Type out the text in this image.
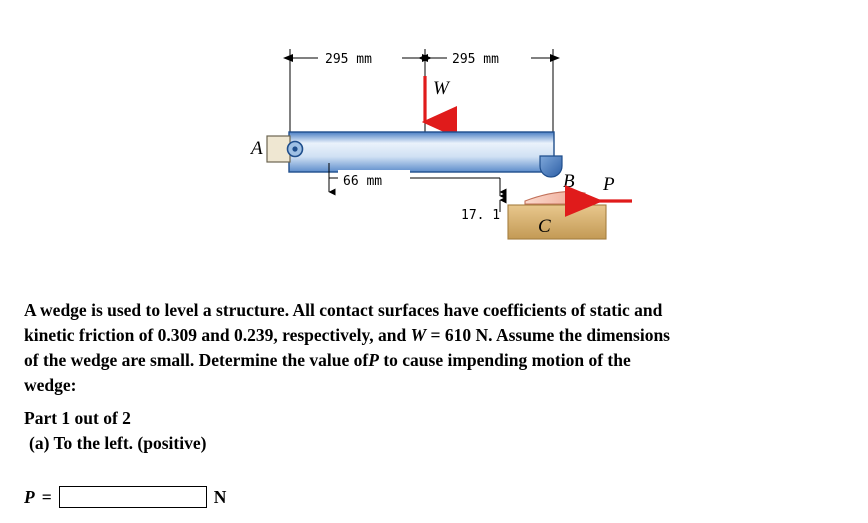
295 mm	295 mm
W
A
66 mm	B
C
17. 1
P

A wedge is used to level a structure. All contact surfaces have coefficients of static and

kinetic friction of 0.309 and 0.239, respectively, and W = 610 N. Assume the dimensions

of the wedge are small. Determine the value ofP to cause impending motion of the

wedge:

Part 1 out of 2

(a) To the left. (positive)

P =	N
